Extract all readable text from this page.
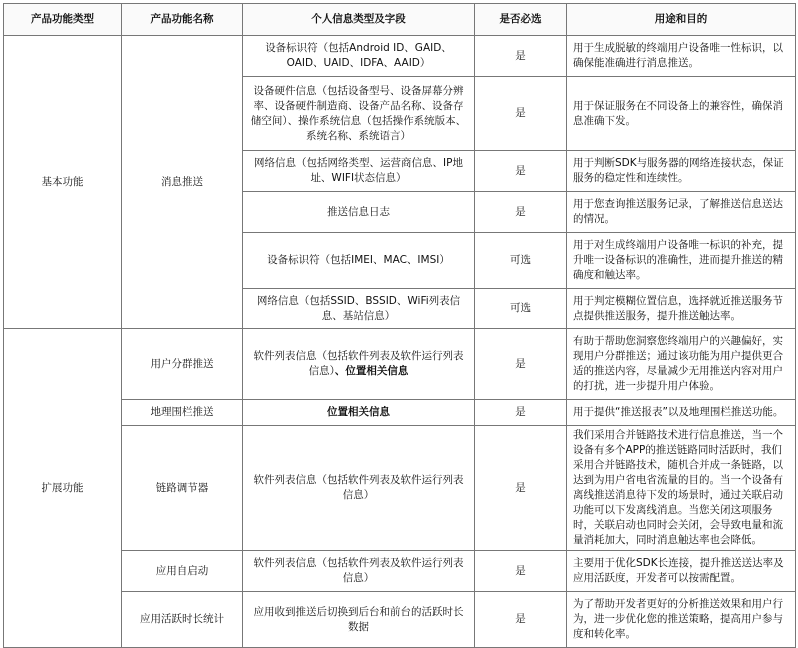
产品功能类型	产品功能名称	个人信息类型及字段	是否必选	用途和目的
基本功能	消息推送	设备标识符（包括Android ID、GAID、OAID、UAID、IDFA、AAID）	是	用于生成脱敏的终端用户设备唯一性标识，以确保能准确进行消息推送。
		设备硬件信息（包括设备型号、设备屏幕分辨率、设备硬件制造商、设备产品名称、设备存储空间）、操作系统信息（包括操作系统版本、系统名称、系统语言）	是	用于保证服务在不同设备上的兼容性，确保消息准确下发。
		网络信息（包括网络类型、运营商信息、IP地址、WIFI状态信息）	是	用于判断SDK与服务器的网络连接状态，保证服务的稳定性和连续性。
		推送信息日志	是	用于您查询推送服务记录，了解推送信息送达的情况。
		设备标识符（包括IMEI、MAC、IMSI）	可选	用于对生成终端用户设备唯一标识的补充，提升唯一设备标识的准确性，进而提升推送的精确度和触达率。
		网络信息（包括SSID、BSSID、WiFi列表信息、基站信息）	可选	用于判定模糊位置信息，选择就近推送服务节点提供推送服务，提升推送触达率。
扩展功能	用户分群推送	软件列表信息（包括软件列表及软件运行列表信息）、位置相关信息	是	有助于帮助您洞察您终端用户的兴趣偏好，实现用户分群推送；通过该功能为用户提供更合适的推送内容，尽量减少无用推送内容对用户的打扰，进一步提升用户体验。
	地理围栏推送	位置相关信息	是	用于提供“推送报表”以及地理围栏推送功能。
	链路调节器	软件列表信息（包括软件列表及软件运行列表信息）	是	我们采用合并链路技术进行信息推送，当一个设备有多个APP的推送链路同时活跃时，我们采用合并链路技术，随机合并成一条链路，以达到为用户省电省流量的目的。当一个设备有离线推送消息待下发的场景时，通过关联启动功能可以下发离线消息。当您关闭这项服务时，关联启动也同时会关闭，会导致电量和流量消耗加大，同时消息触达率也会降低。
	应用自启动	软件列表信息（包括软件列表及软件运行列表信息）	是	主要用于优化SDK长连接，提升推送送达率及应用活跃度，开发者可以按需配置。
	应用活跃时长统计	应用收到推送后切换到后台和前台的活跃时长数据	是	为了帮助开发者更好的分析推送效果和用户行为，进一步优化您的推送策略，提高用户参与度和转化率。
